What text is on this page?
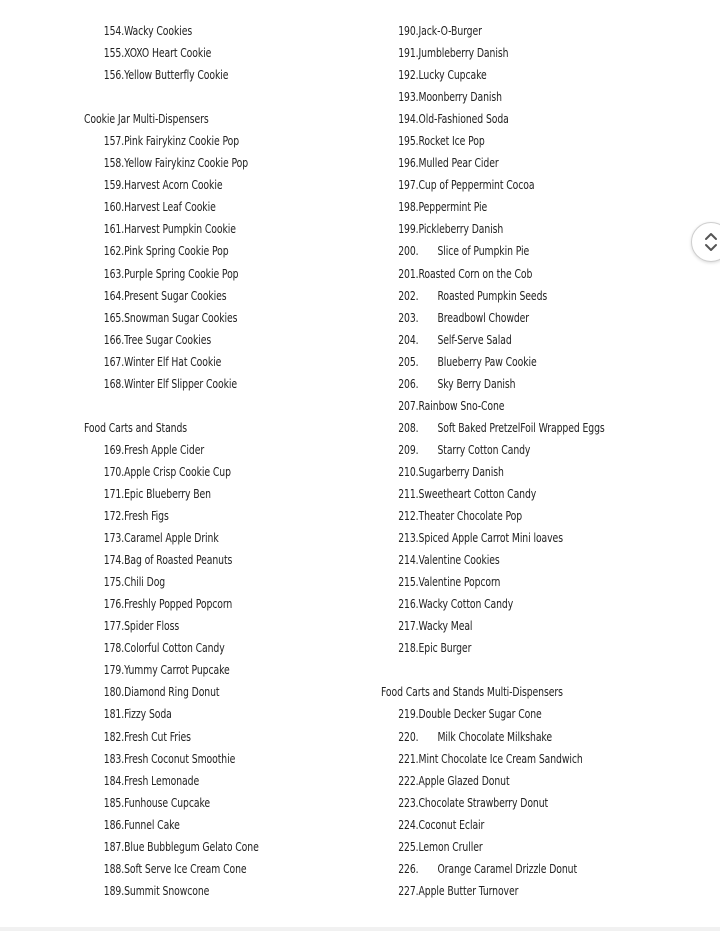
154.Wacky Cookies
155.XOXO Heart Cookie
156.Yellow Butterfly Cookie
Cookie Jar Multi-Dispensers
157.Pink Fairykinz Cookie Pop
158.Yellow Fairykinz Cookie Pop
159.Harvest Acorn Cookie
160.Harvest Leaf Cookie
161.Harvest Pumpkin Cookie
162.Pink Spring Cookie Pop
163.Purple Spring Cookie Pop
164.Present Sugar Cookies
165.Snowman Sugar Cookies
166.Tree Sugar Cookies
167.Winter Elf Hat Cookie
168.Winter Elf Slipper Cookie
Food Carts and Stands
169.Fresh Apple Cider
170.Apple Crisp Cookie Cup
171.Epic Blueberry Ben
172.Fresh Figs
173.Caramel Apple Drink
174.Bag of Roasted Peanuts
175.Chili Dog
176.Freshly Popped Popcorn
177.Spider Floss
178.Colorful Cotton Candy
179.Yummy Carrot Pupcake
180.Diamond Ring Donut
181.Fizzy Soda
182.Fresh Cut Fries
183.Fresh Coconut Smoothie
184.Fresh Lemonade
185.Funhouse Cupcake
186.Funnel Cake
187.Blue Bubblegum Gelato Cone
188.Soft Serve Ice Cream Cone
189.Summit Snowcone
190.Jack-O-Burger
191.Jumbleberry Danish
192.Lucky Cupcake
193.Moonberry Danish
194.Old-Fashioned Soda
195.Rocket Ice Pop
196.Mulled Pear Cider
197.Cup of Peppermint Cocoa
198.Peppermint Pie
199.Pickleberry Danish
200. Slice of Pumpkin Pie
201.Roasted Corn on the Cob
202. Roasted Pumpkin Seeds
203. Breadbowl Chowder
204. Self-Serve Salad
205. Blueberry Paw Cookie
206. Sky Berry Danish
207.Rainbow Sno-Cone
208. Soft Baked PretzelFoil Wrapped Eggs
209. Starry Cotton Candy
210.Sugarberry Danish
211.Sweetheart Cotton Candy
212.Theater Chocolate Pop
213.Spiced Apple Carrot Mini loaves
214.Valentine Cookies
215.Valentine Popcorn
216.Wacky Cotton Candy
217.Wacky Meal
218.Epic Burger
Food Carts and Stands Multi-Dispensers
219.Double Decker Sugar Cone
220. Milk Chocolate Milkshake
221.Mint Chocolate Ice Cream Sandwich
222.Apple Glazed Donut
223.Chocolate Strawberry Donut
224.Coconut Eclair
225.Lemon Cruller
226. Orange Caramel Drizzle Donut
227.Apple Butter Turnover
